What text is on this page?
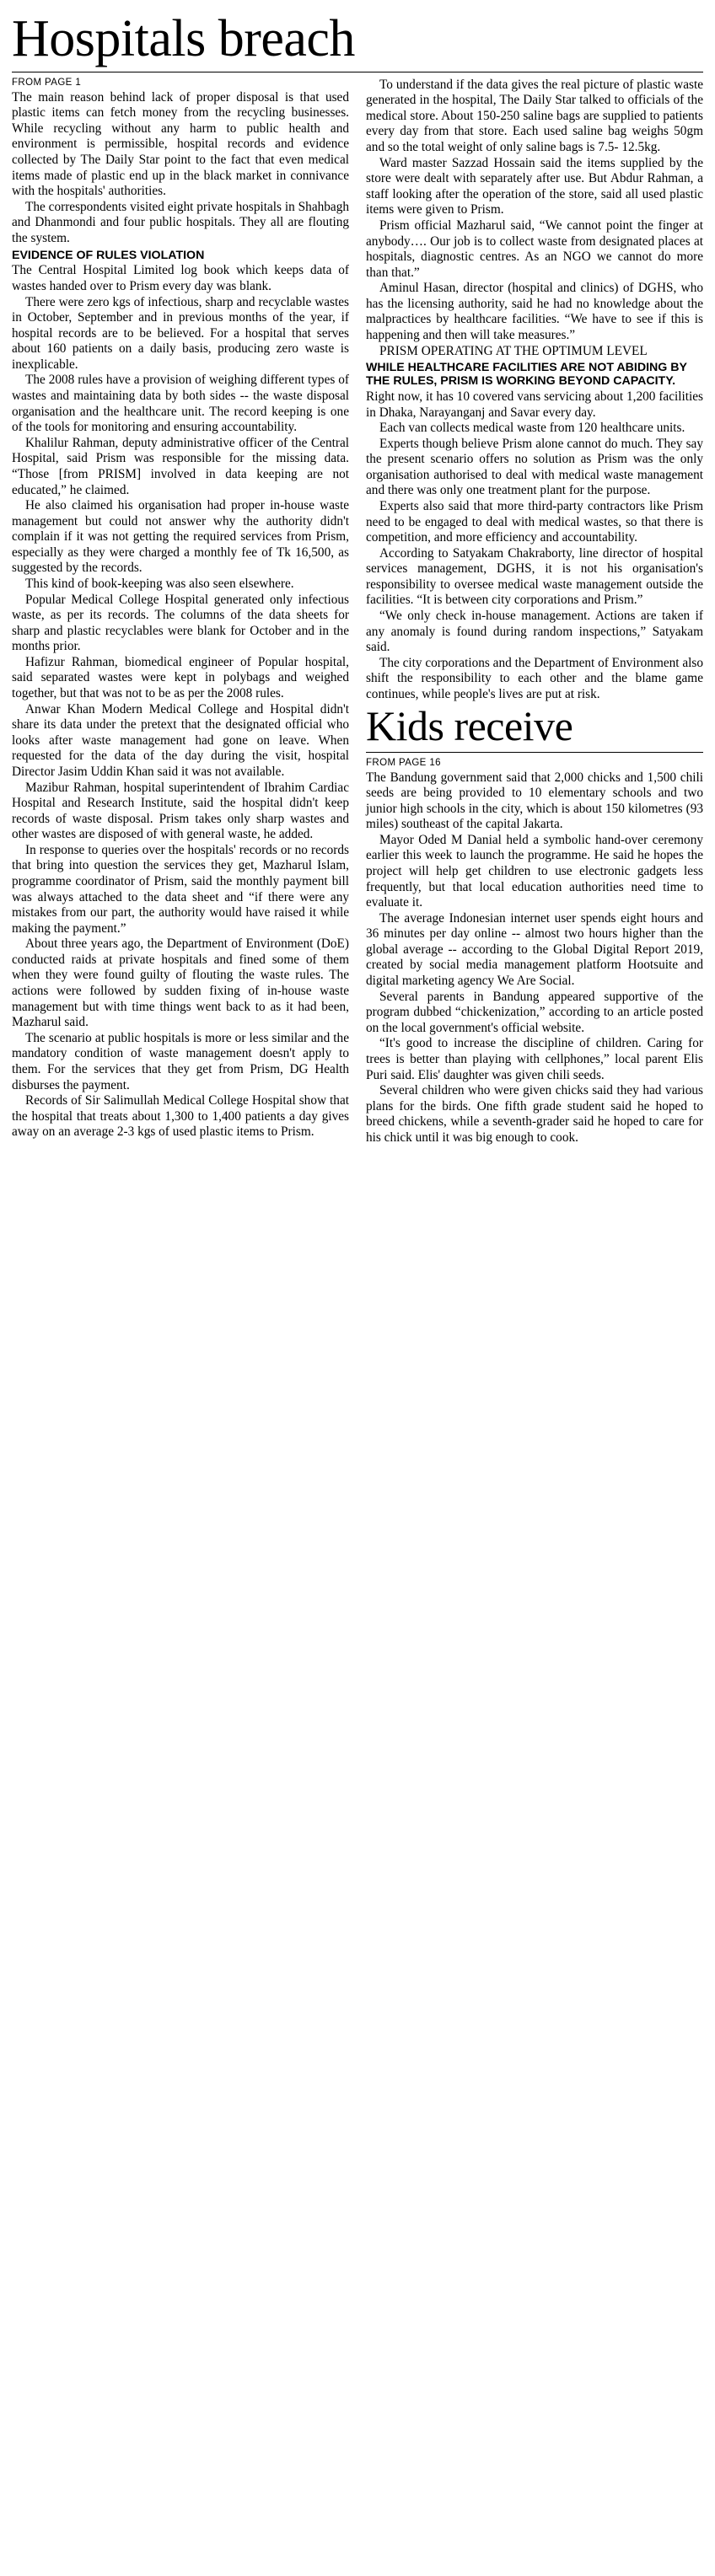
Hospitals breach
FROM PAGE 1

The main reason behind lack of proper disposal is that used plastic items can fetch money from the recycling businesses. While recycling without any harm to public health and environment is permissible, hospital records and evidence collected by The Daily Star point to the fact that even medical items made of plastic end up in the black market in connivance with the hospitals' authorities.

The correspondents visited eight private hospitals in Shahbagh and Dhanmondi and four public hospitals. They all are flouting the system.

EVIDENCE OF RULES VIOLATION

The Central Hospital Limited log book which keeps data of wastes handed over to Prism every day was blank.

There were zero kgs of infectious, sharp and recyclable wastes in October, September and in previous months of the year, if hospital records are to be believed. For a hospital that serves about 160 patients on a daily basis, producing zero waste is inexplicable.

The 2008 rules have a provision of weighing different types of wastes and maintaining data by both sides -- the waste disposal organisation and the healthcare unit. The record keeping is one of the tools for monitoring and ensuring accountability.

Khalilur Rahman, deputy administrative officer of the Central Hospital, said Prism was responsible for the missing data. “Those [from PRISM] involved in data keeping are not educated,” he claimed.

He also claimed his organisation had proper in-house waste management but could not answer why the authority didn't complain if it was not getting the required services from Prism, especially as they were charged a monthly fee of Tk 16,500, as suggested by the records.

This kind of book-keeping was also seen elsewhere.

Popular Medical College Hospital generated only infectious waste, as per its records. The columns of the data sheets for sharp and plastic recyclables were blank for October and in the months prior.

Hafizur Rahman, biomedical engineer of Popular hospital, said separated wastes were kept in polybags and weighed together, but that was not to be as per the 2008 rules.

Anwar Khan Modern Medical College and Hospital didn't share its data under the pretext that the designated official who looks after waste management had gone on leave. When requested for the data of the day during the visit, hospital Director Jasim Uddin Khan said it was not available.

Mazibur Rahman, hospital superintendent of Ibrahim Cardiac Hospital and Research Institute, said the hospital didn't keep records of waste disposal. Prism takes only sharp wastes and other wastes are disposed of with general waste, he added.

In response to queries over the hospitals' records or no records that bring into question the services they get, Mazharul Islam, programme coordinator of Prism, said the monthly payment bill was always attached to the data sheet and “if there were any mistakes from our part, the authority would have raised it while making the payment.”

About three years ago, the Department of Environment (DoE) conducted raids at private hospitals and fined some of them when they were found guilty of flouting the waste rules. The actions were followed by sudden fixing of in-house waste management but with time things went back to as it had been, Mazharul said.

The scenario at public hospitals is more or less similar and the mandatory condition of waste management doesn't apply to them. For the services that they get from Prism, DG Health disburses the payment.

Records of Sir Salimullah Medical College Hospital show that the hospital that treats about 1,300 to 1,400 patients a day gives away on an average 2-3 kgs of used plastic items to Prism.

To understand if the data gives the real picture of plastic waste generated in the hospital, The Daily Star talked to officials of the medical store. About 150-250 saline bags are supplied to patients every day from that store. Each used saline bag weighs 50gm and so the total weight of only saline bags is 7.5- 12.5kg.

Ward master Sazzad Hossain said the items supplied by the store were dealt with separately after use. But Abdur Rahman, a staff looking after the operation of the store, said all used plastic items were given to Prism.

Prism official Mazharul said, “We cannot point the finger at anybody…. Our job is to collect waste from designated places at hospitals, diagnostic centres. As an NGO we cannot do more than that.”

Aminul Hasan, director (hospital and clinics) of DGHS, who has the licensing authority, said he had no knowledge about the malpractices by healthcare facilities. “We have to see if this is happening and then will take measures.”

PRISM OPERATING AT THE OPTIMUM LEVEL

WHILE HEALTHCARE FACILITIES ARE NOT ABIDING BY THE RULES, PRISM IS WORKING BEYOND CAPACITY.

Right now, it has 10 covered vans servicing about 1,200 facilities in Dhaka, Narayanganj and Savar every day.

Each van collects medical waste from 120 healthcare units.

Experts though believe Prism alone cannot do much. They say the present scenario offers no solution as Prism was the only organisation authorised to deal with medical waste management and there was only one treatment plant for the purpose.

Experts also said that more third-party contractors like Prism need to be engaged to deal with medical wastes, so that there is competition, and more efficiency and accountability.

According to Satyakam Chakraborty, line director of hospital services management, DGHS, it is not his organisation's responsibility to oversee medical waste management outside the facilities. “It is between city corporations and Prism.”

“We only check in-house management. Actions are taken if any anomaly is found during random inspections,” Satyakam said.

The city corporations and the Department of Environment also shift the responsibility to each other and the blame game continues, while people's lives are put at risk.

Kids receive
FROM PAGE 16

The Bandung government said that 2,000 chicks and 1,500 chili seeds are being provided to 10 elementary schools and two junior high schools in the city, which is about 150 kilometres (93 miles) southeast of the capital Jakarta.

Mayor Oded M Danial held a symbolic hand-over ceremony earlier this week to launch the programme. He said he hopes the project will help get children to use electronic gadgets less frequently, but that local education authorities need time to evaluate it.

The average Indonesian internet user spends eight hours and 36 minutes per day online -- almost two hours higher than the global average -- according to the Global Digital Report 2019, created by social media management platform Hootsuite and digital marketing agency We Are Social.

Several parents in Bandung appeared supportive of the program dubbed “chickenization,” according to an article posted on the local government's official website.

“It's good to increase the discipline of children. Caring for trees is better than playing with cellphones,” local parent Elis Puri said. Elis' daughter was given chili seeds.

Several children who were given chicks said they had various plans for the birds. One fifth grade student said he hoped to breed chickens, while a seventh-grader said he hoped to care for his chick until it was big enough to cook.
